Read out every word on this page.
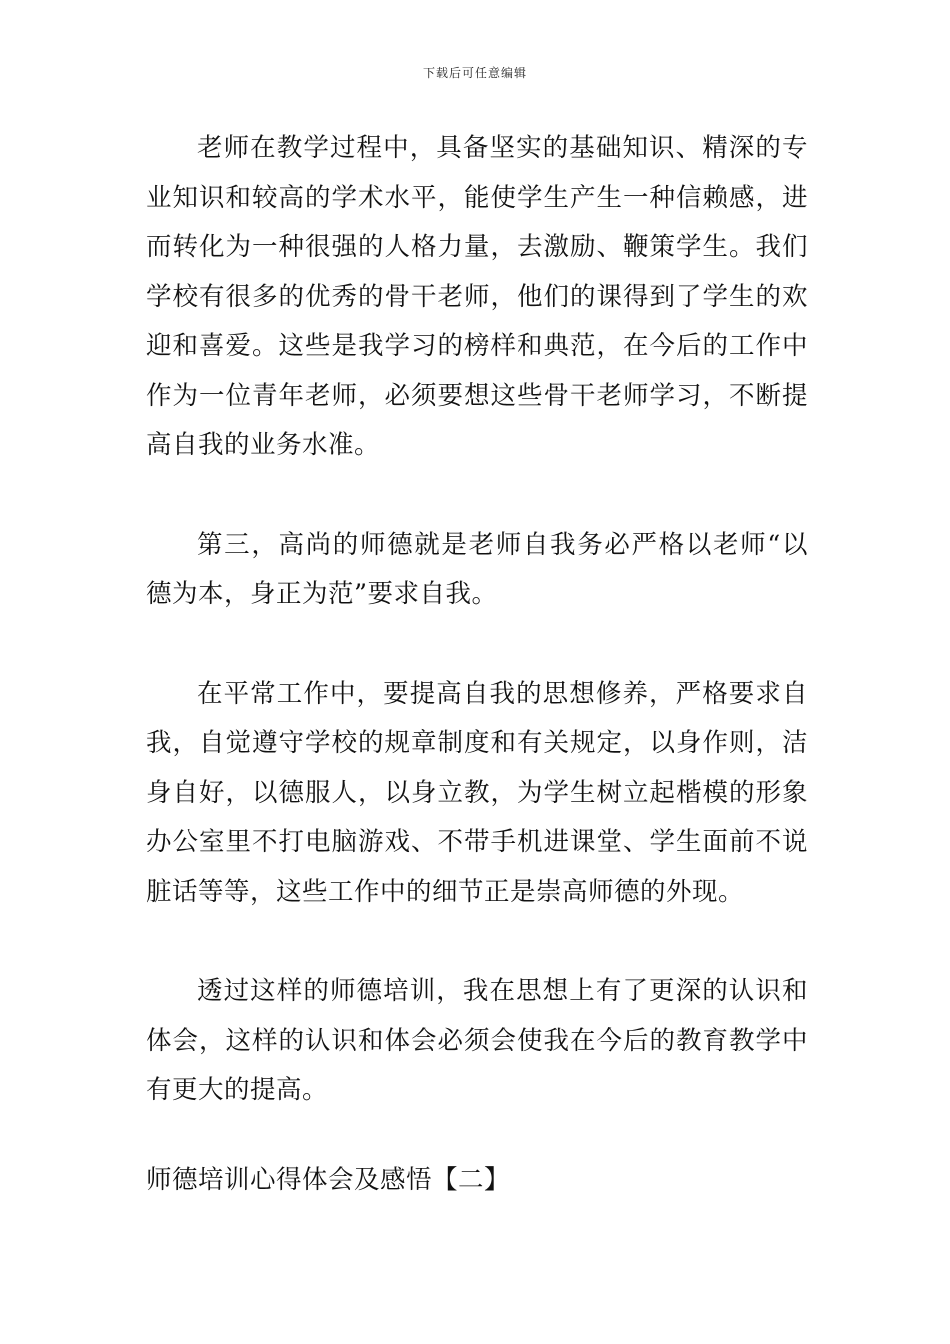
下载后可任意编辑

老师在教学过程中，具备坚实的基础知识、精深的专业知识和较高的学术水平，能使学生产生一种信赖感，进而转化为一种很强的人格力量，去激励、鞭策学生。我们学校有很多的优秀的骨干老师，他们的课得到了学生的欢迎和喜爱。这些是我学习的榜样和典范，在今后的工作中作为一位青年老师，必须要想这些骨干老师学习，不断提高自我的业务水准。

第三，高尚的师德就是老师自我务必严格以老师“以德为本，身正为范”要求自我。

在平常工作中，要提高自我的思想修养，严格要求自我，自觉遵守学校的规章制度和有关规定，以身作则，洁身自好，以德服人，以身立教，为学生树立起楷模的形象办公室里不打电脑游戏、不带手机进课堂、学生面前不说脏话等等，这些工作中的细节正是崇高师德的外现。

透过这样的师德培训，我在思想上有了更深的认识和体会，这样的认识和体会必须会使我在今后的教育教学中有更大的提高。

师德培训心得体会及感悟【二】
